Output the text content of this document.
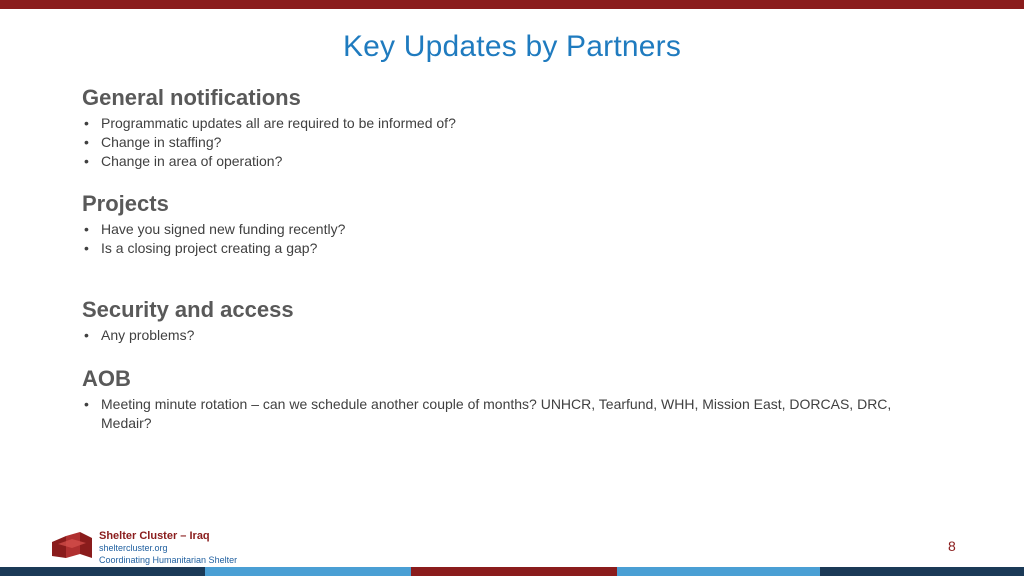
Key Updates by Partners
General notifications
• Programmatic updates all are required to be informed of?
• Change in staffing?
• Change in area of operation?
Projects
• Have you signed new funding recently?
• Is a closing project creating a gap?
Security and access
• Any problems?
AOB
• Meeting minute rotation – can we schedule another couple of months? UNHCR, Tearfund, WHH, Mission East, DORCAS, DRC, Medair?
Shelter Cluster – Iraq
sheltercluster.org
Coordinating Humanitarian Shelter
8
